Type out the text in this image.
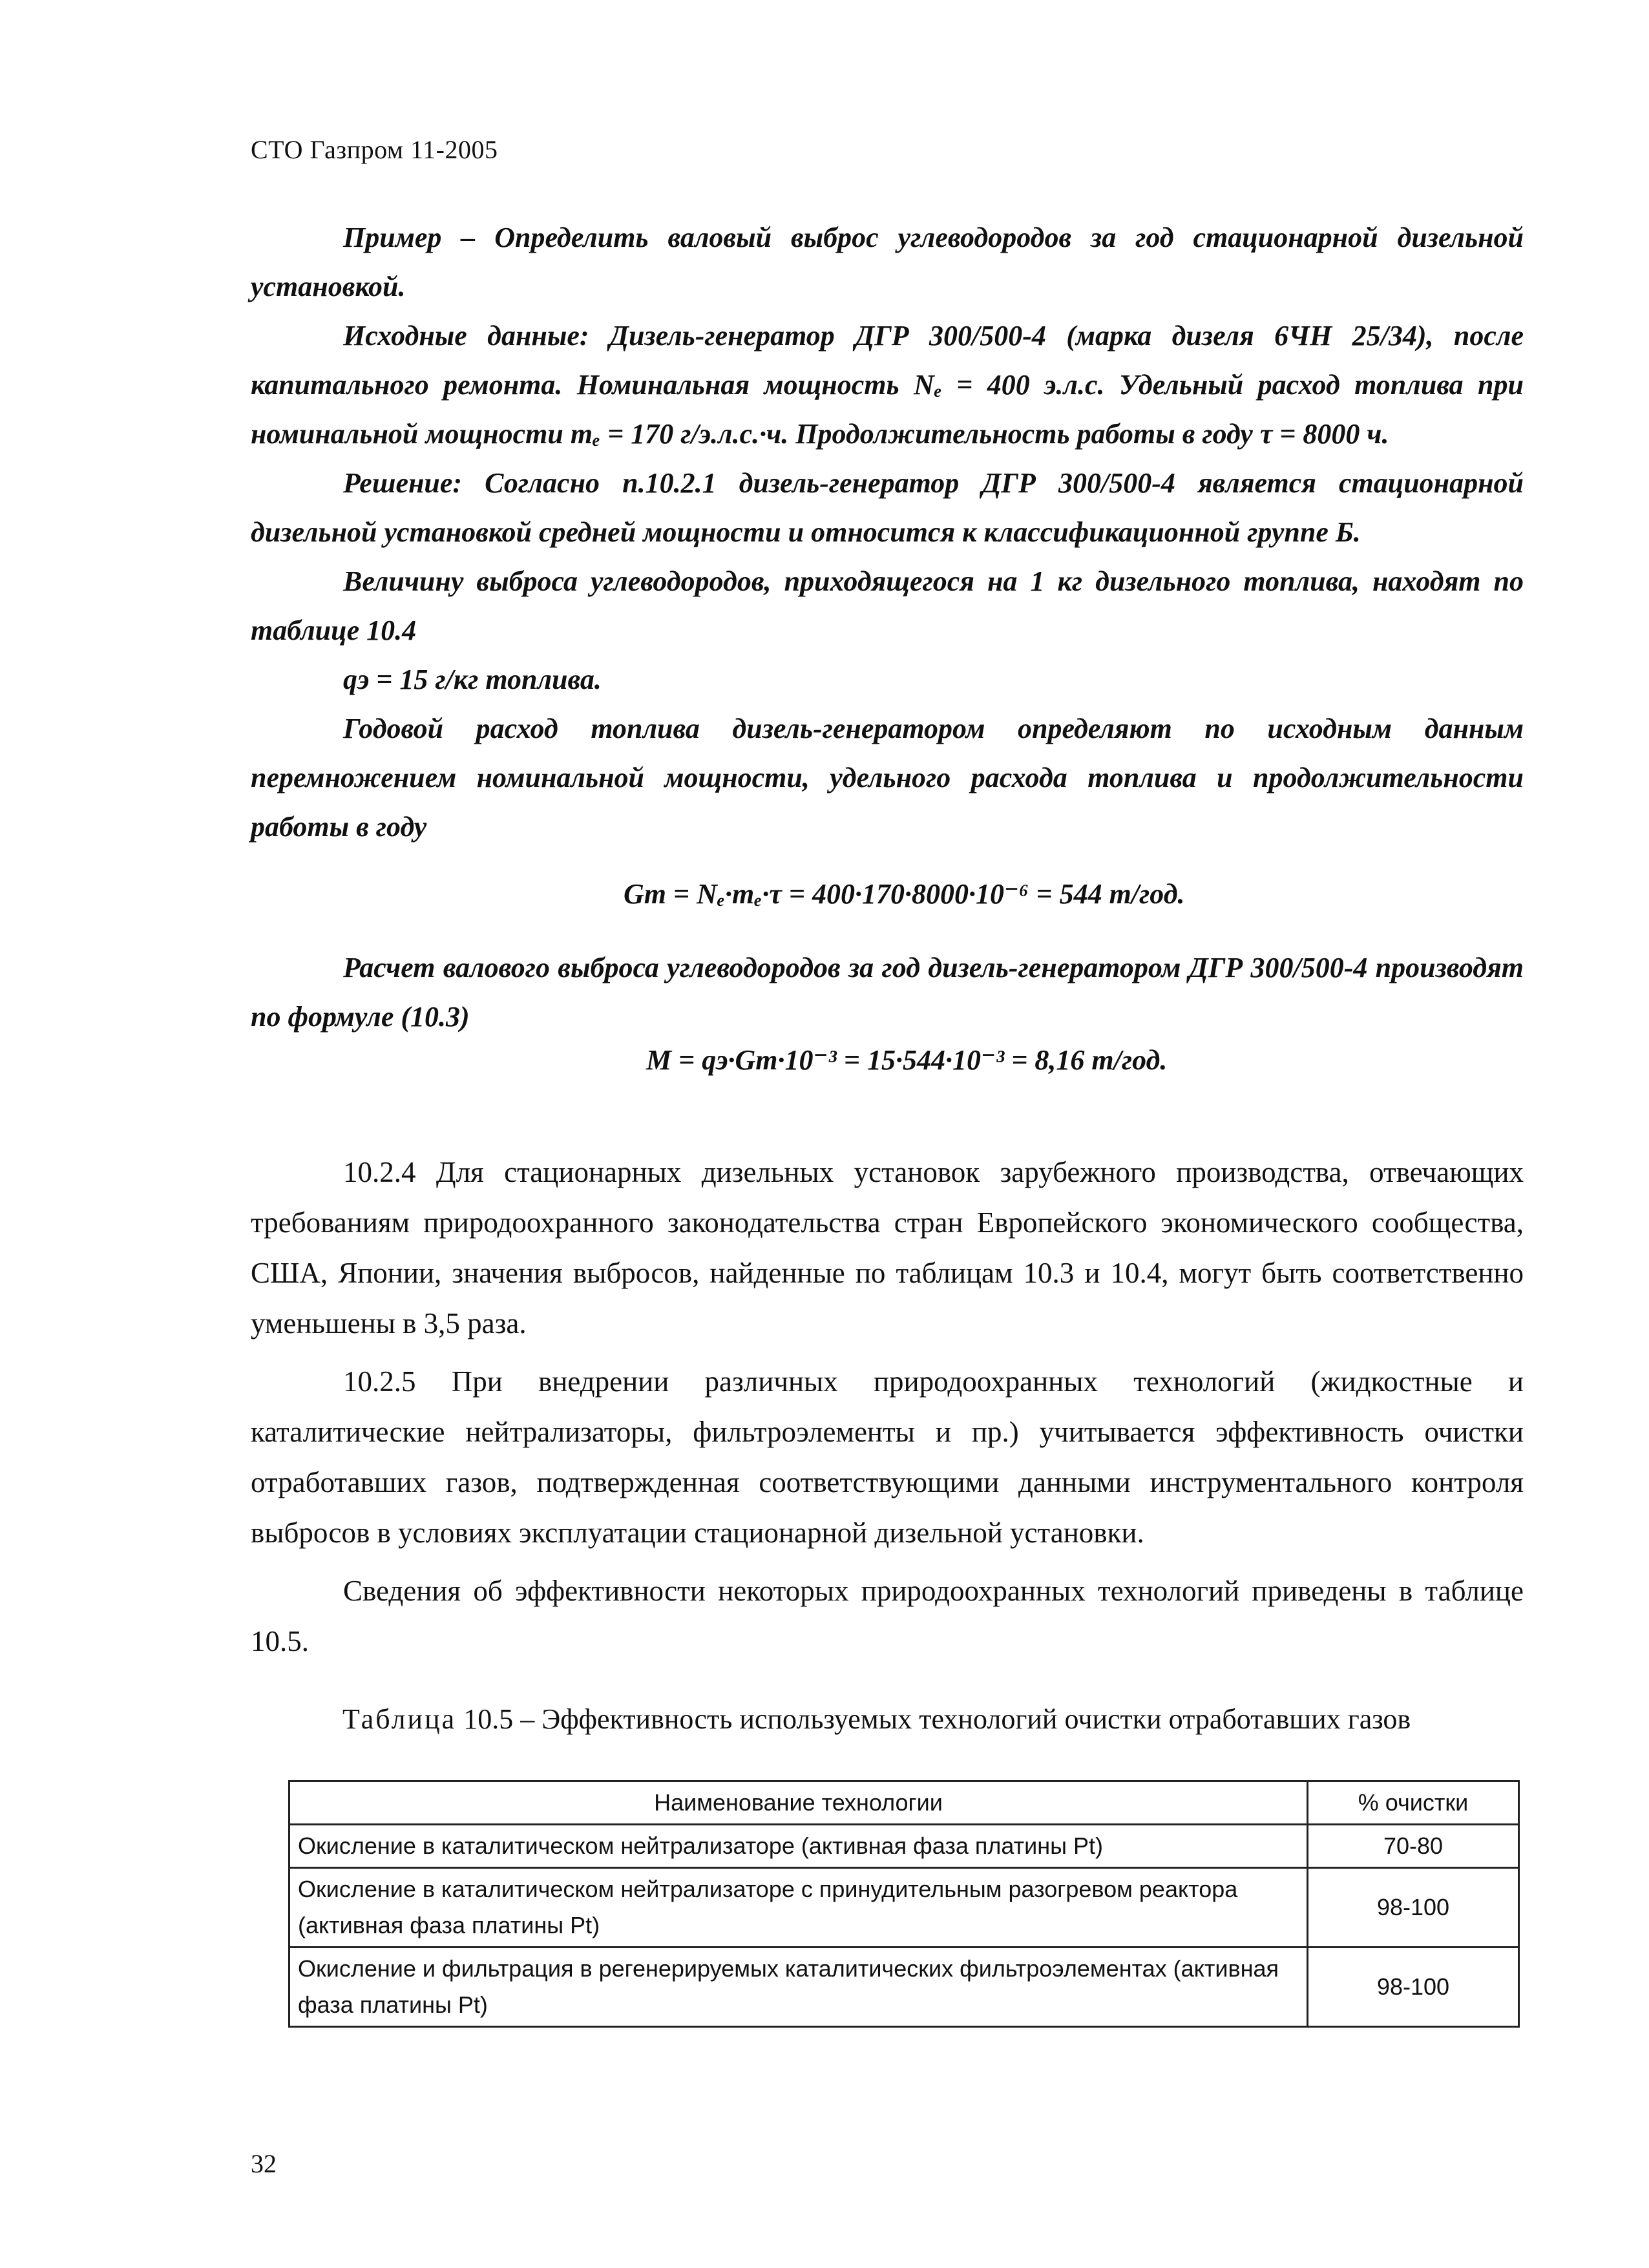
СТО Газпром 11-2005

Пример – Определить валовый выброс углеводородов за год стационарной дизельной установкой.

Исходные данные: Дизель-генератор ДГР 300/500-4 (марка дизеля 6ЧН 25/34), после капитального ремонта. Номинальная мощность Nₑ = 400 э.л.с. Удельный расход топлива при номинальной мощности mₑ = 170 г/э.л.с.·ч. Продолжительность работы в году τ = 8000 ч.

Решение: Согласно п.10.2.1 дизель-генератор ДГР 300/500-4 является стационарной дизельной установкой средней мощности и относится к классификационной группе Б.

Величину выброса углеводородов, приходящегося на 1 кг дизельного топлива, находят по таблице 10.4

qэ = 15 г/кг топлива.

Годовой расход топлива дизель-генератором определяют по исходным данным перемножением номинальной мощности, удельного расхода топлива и продолжительности работы в году

Gт = Nₑ·mₑ·τ = 400·170·8000·10⁻⁶ = 544 т/год.

Расчет валового выброса углеводородов за год дизель-генератором ДГР 300/500-4 производят по формуле (10.3)

M = qэ·Gт·10⁻³ = 15·544·10⁻³ = 8,16 т/год.

10.2.4 Для стационарных дизельных установок зарубежного производства, отвечающих требованиям природоохранного законодательства стран Европейского экономического сообщества, США, Японии, значения выбросов, найденные по таблицам 10.3 и 10.4, могут быть соответственно уменьшены в 3,5 раза.

10.2.5 При внедрении различных природоохранных технологий (жидкостные и каталитические нейтрализаторы, фильтроэлементы и пр.) учитывается эффективность очистки отработавших газов, подтвержденная соответствующими данными инструментального контроля выбросов в условиях эксплуатации стационарной дизельной установки.

Сведения об эффективности некоторых природоохранных технологий приведены в таблице 10.5.

Таблица 10.5 – Эффективность используемых технологий очистки отработавших газов
Наименование технологии	% очистки
Окисление в каталитическом нейтрализаторе (активная фаза платины Pt)	70-80
Окисление в каталитическом нейтрализаторе с принудительным разогревом реактора (активная фаза платины Pt)	98-100
Окисление и фильтрация в регенерируемых каталитических фильтроэлементах (активная фаза платины Pt)	98-100
32
